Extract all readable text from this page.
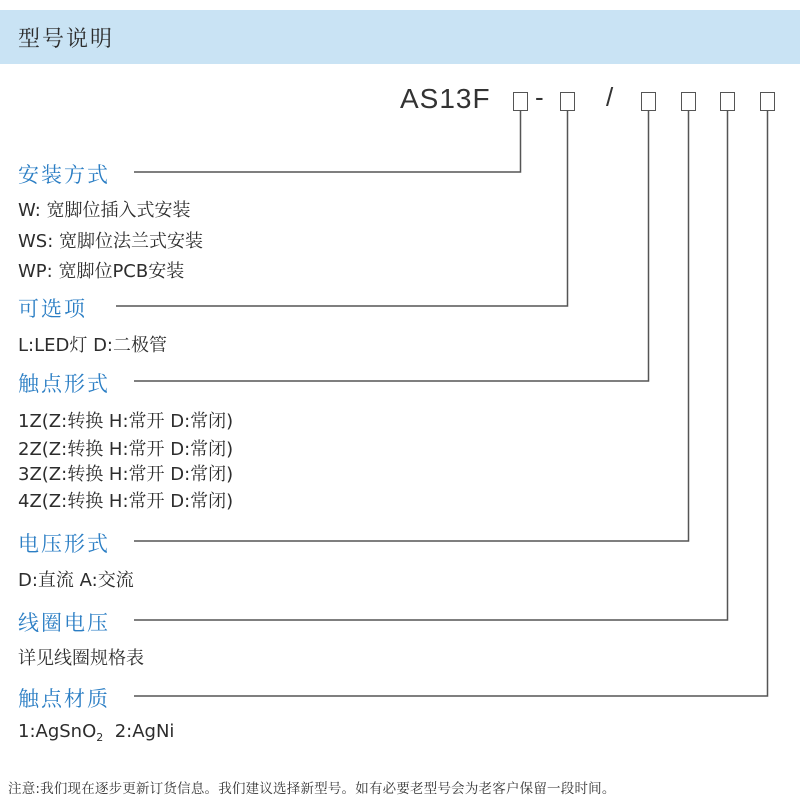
型号说明
AS13F - /
安装方式
W: 宽脚位插入式安装
WS: 宽脚位法兰式安装
WP: 宽脚位PCB安装
可选项
L:LED灯 D:二极管
触点形式
1Z(Z:转换 H:常开 D:常闭)
2Z(Z:转换 H:常开 D:常闭)
3Z(Z:转换 H:常开 D:常闭)
4Z(Z:转换 H:常开 D:常闭)
电压形式
D:直流 A:交流
线圈电压
详见线圈规格表
触点材质
1:AgSnO$_2$  2:AgNi
注意:我们现在逐步更新订货信息。我们建议选择新型号。如有必要老型号会为老客户保留一段时间。
